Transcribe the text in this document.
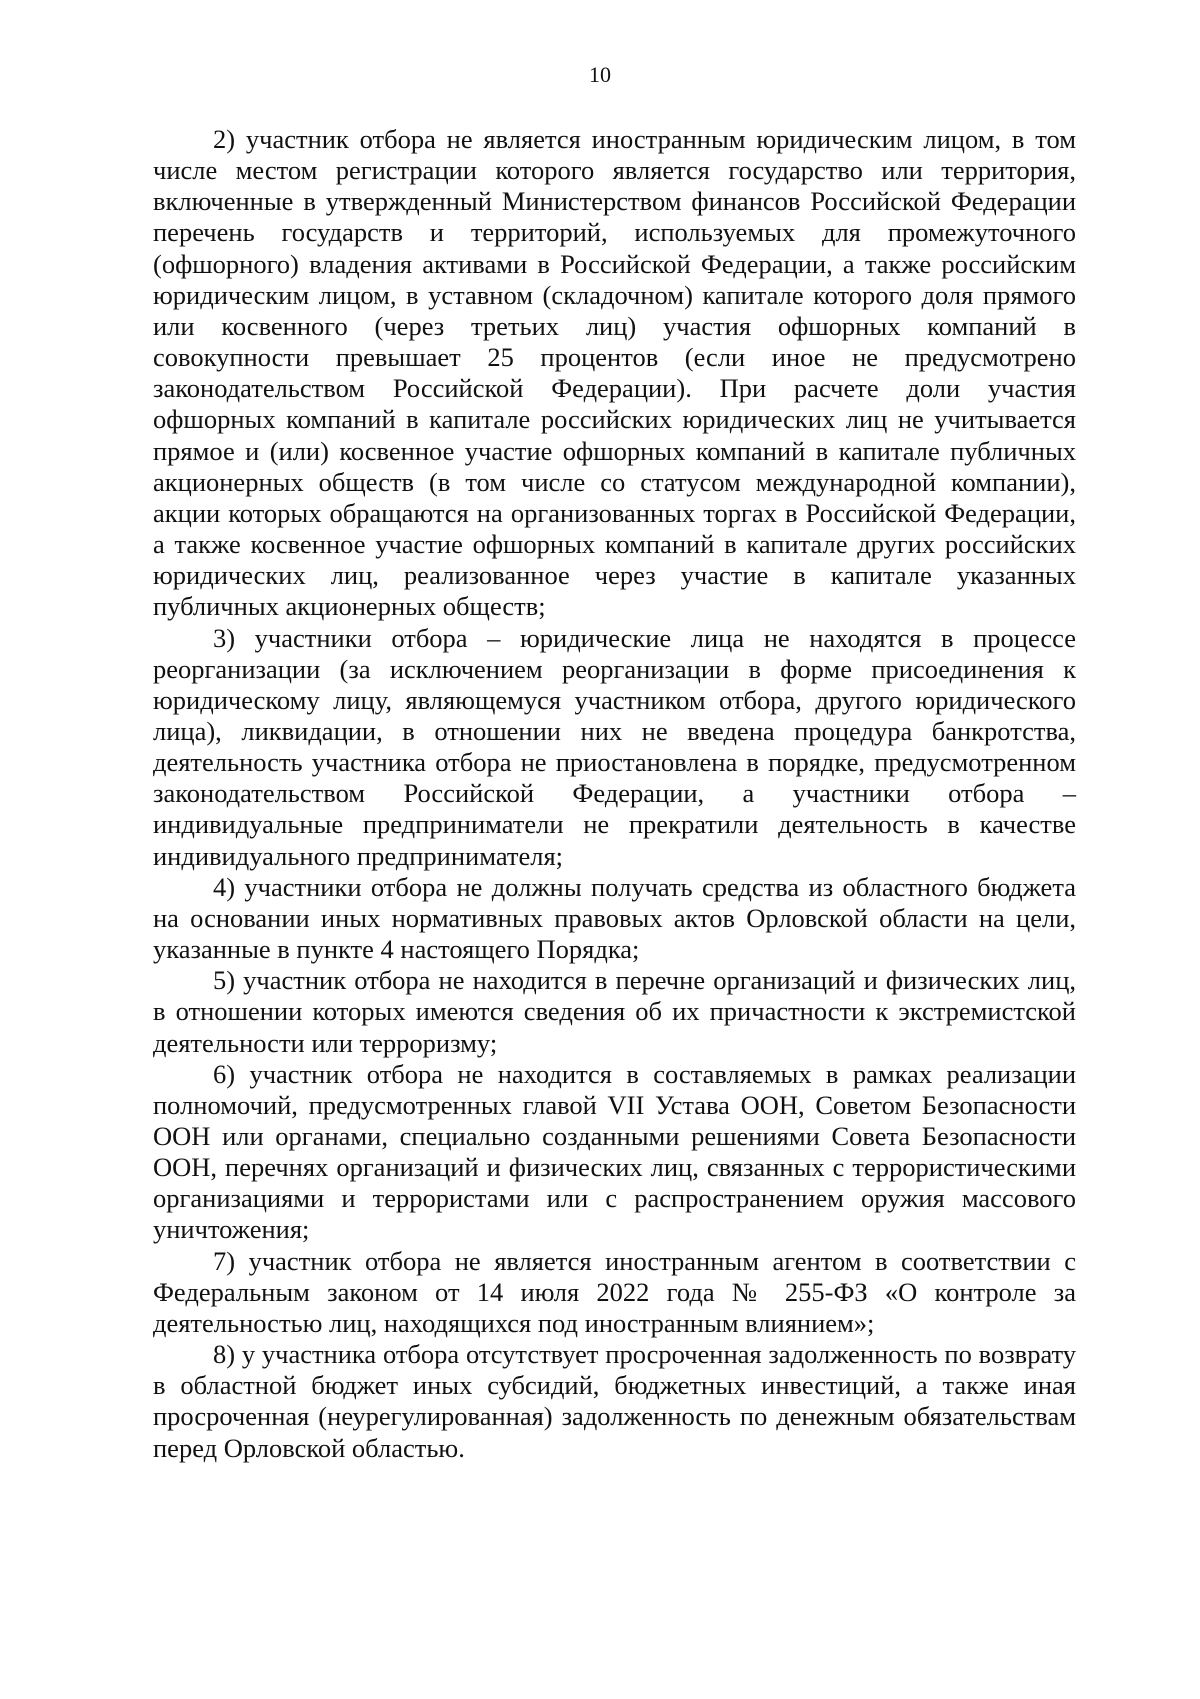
10

2) участник отбора не является иностранным юридическим лицом, в том числе местом регистрации которого является государство или территория, включенные в утвержденный Министерством финансов Российской Федерации перечень государств и территорий, используемых для промежуточного (офшорного) владения активами в Российской Федерации, а также российским юридическим лицом, в уставном (складочном) капитале которого доля прямого или косвенного (через третьих лиц) участия офшорных компаний в совокупности превышает 25 процентов (если иное не предусмотрено законодательством Российской Федерации). При расчете доли участия офшорных компаний в капитале российских юридических лиц не учитывается прямое и (или) косвенное участие офшорных компаний в капитале публичных акционерных обществ (в том числе со статусом международной компании), акции которых обращаются на организованных торгах в Российской Федерации, а также косвенное участие офшорных компаний в капитале других российских юридических лиц, реализованное через участие в капитале указанных публичных акционерных обществ;

3) участники отбора – юридические лица не находятся в процессе реорганизации (за исключением реорганизации в форме присоединения к юридическому лицу, являющемуся участником отбора, другого юридического лица), ликвидации, в отношении них не введена процедура банкротства, деятельность участника отбора не приостановлена в порядке, предусмотренном законодательством Российской Федерации, а участники отбора – индивидуальные предприниматели не прекратили деятельность в качестве индивидуального предпринимателя;

4) участники отбора не должны получать средства из областного бюджета на основании иных нормативных правовых актов Орловской области на цели, указанные в пункте 4 настоящего Порядка;

5) участник отбора не находится в перечне организаций и физических лиц, в отношении которых имеются сведения об их причастности к экстремистской деятельности или терроризму;

6) участник отбора не находится в составляемых в рамках реализации полномочий, предусмотренных главой VII Устава ООН, Советом Безопасности ООН или органами, специально созданными решениями Совета Безопасности ООН, перечнях организаций и физических лиц, связанных с террористическими организациями и террористами или с распространением оружия массового уничтожения;

7) участник отбора не является иностранным агентом в соответствии с Федеральным законом от 14 июля 2022 года № 255-ФЗ «О контроле за деятельностью лиц, находящихся под иностранным влиянием»;

8) у участника отбора отсутствует просроченная задолженность по возврату в областной бюджет иных субсидий, бюджетных инвестиций, а также иная просроченная (неурегулированная) задолженность по денежным обязательствам перед Орловской областью.
